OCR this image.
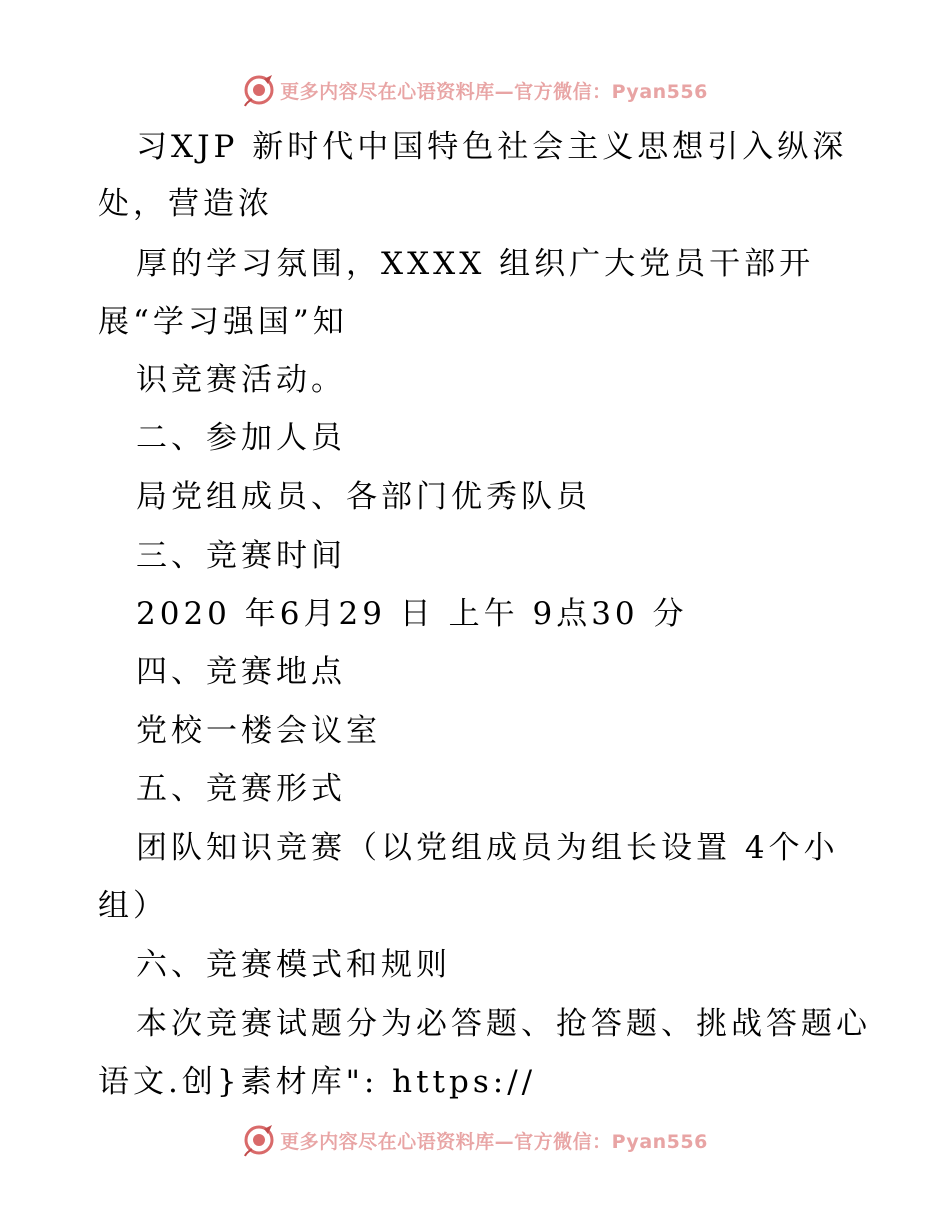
更多内容尽在心语资料库—官方微信：Pyan556
习XJP 新时代中国特色社会主义思想引入纵深
处，营造浓
厚的学习氛围，XXXX 组织广大党员干部开
展“学习强国”知
识竞赛活动。
二、参加人员
局党组成员、各部门优秀队员
三、竞赛时间
2020 年6月29 日 上午 9点30 分
四、竞赛地点
党校一楼会议室
五、竞赛形式
团队知识竞赛（以党组成员为组长设置 4个小
组）
六、竞赛模式和规则
本次竞赛试题分为必答题、抢答题、挑战答题心
语文.创}素材库": https://
更多内容尽在心语资料库—官方微信：Pyan556
